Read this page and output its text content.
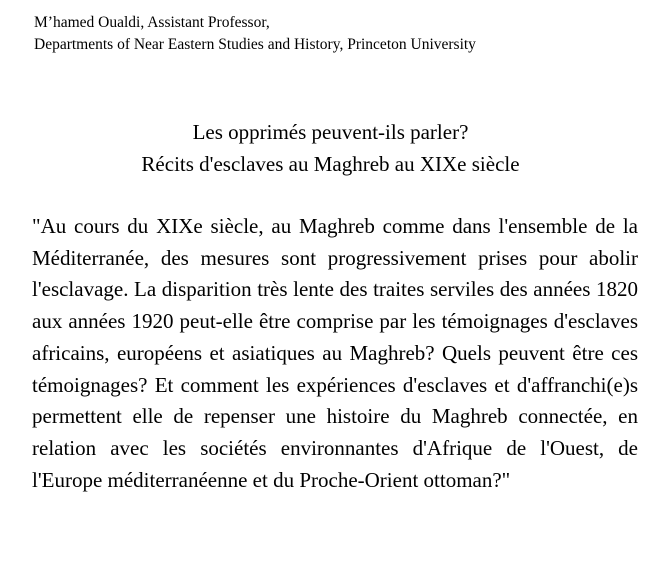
M’hamed Oualdi, Assistant Professor,
Departments of Near Eastern Studies and History, Princeton University
Les opprimés peuvent-ils parler?
Récits d'esclaves au Maghreb au XIXe siècle

"Au cours du XIXe siècle, au Maghreb comme dans l'ensemble de la Méditerranée, des mesures sont progressivement prises pour abolir l'esclavage. La disparition très lente des traites serviles des années 1820 aux années 1920 peut-elle être comprise par les témoignages d'esclaves africains, européens et asiatiques au Maghreb? Quels peuvent être ces témoignages? Et comment les expériences d'esclaves et d'affranchi(e)s permettent elle de repenser une histoire du Maghreb connectée, en relation avec les sociétés environnantes d'Afrique de l'Ouest, de l'Europe méditerranéenne et du Proche-Orient ottoman?"
